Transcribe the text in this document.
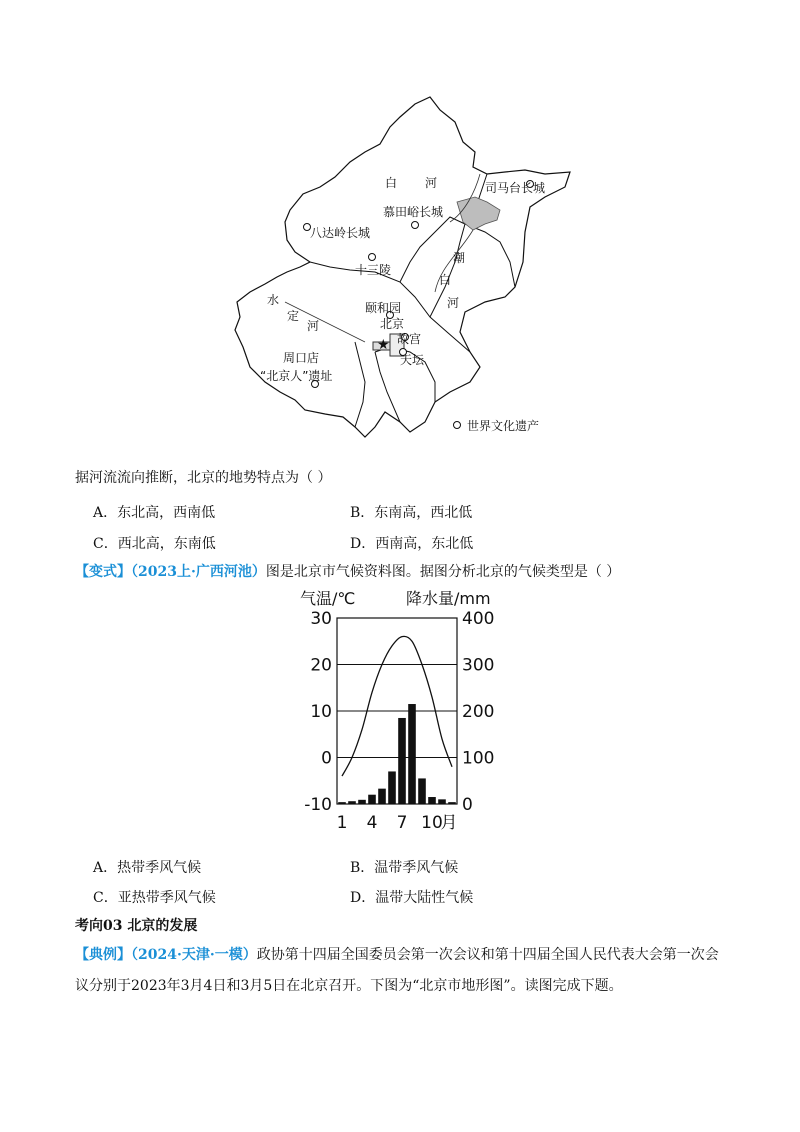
★
白 河	司马台长城
慕田峪长城
八达岭长城
潮
白
河
十三陵
水
定
河
颐和园
北京
故宫
天坛
周口店
“北京人”遗址
世界文化遗产
据河流流向推断，北京的地势特点为（ ）
A．东北高，西南低	B．东南高，西北低
C．西北高，东南低	D．西南高，东北低
【变式】（2023上·广西河池）图是北京市气候资料图。据图分析北京的气候类型是（ ）
气温/℃	降水量/mm
30
20
10
0
-10
400
300
200
100
0
1 4 7 10
月
A．热带季风气候	B．温带季风气候
C．亚热带季风气候	D．温带大陆性气候
考向03 北京的发展
【典例】（2024·天津·一模）政协第十四届全国委员会第一次会议和第十四届全国人民代表大会第一次会
议分别于2023年3月4日和3月5日在北京召开。下图为“北京市地形图”。读图完成下题。
